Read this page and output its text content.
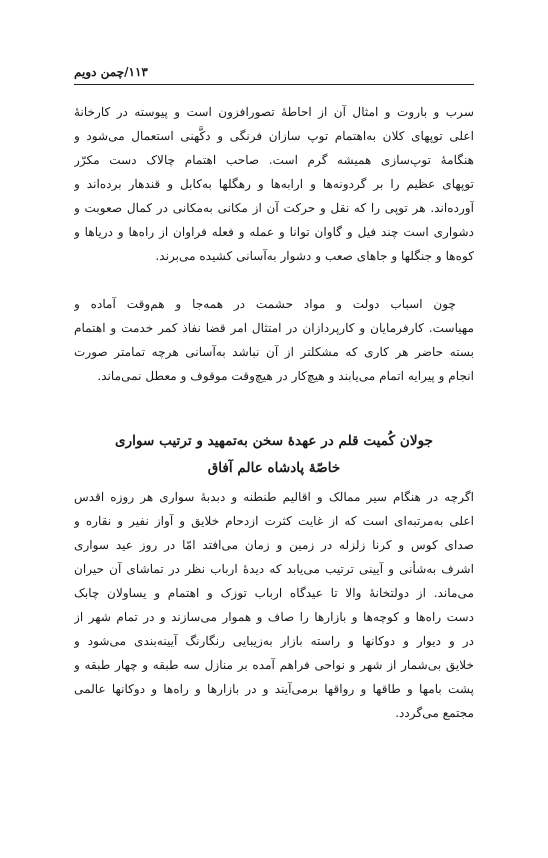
۱۱۳/چمن دویم
سرب و باروت و امثال آن از احاطهٔ تصورافزون است و پیوسته در کارخانهٔ
اعلی توپهای کلان به‌اهتمام توپ سازان فرنگی و دکَّهنی استعمال می‌شود و
هنگامهٔ توپ‌سازی همیشه گرم است. صاحب اهتمام چالاک دست مکرّر
توپهای عظیم را بر گردونه‌ها و ارابه‌ها و رهگلها به‌کابل و قندهار برده‌اند و
آورده‌اند. هر توپی را که نقل و حرکت آن از مکانی به‌مکانی در کمال صعوبت و
دشواری است چند فیل و گاوان توانا و عمله و فعله فراوان از راه‌ها و دریاها و
کوه‌ها و جنگلها و جاهای صعب و دشوار به‌آسانی کشیده می‌برند.
چون اسباب دولت و مواد حشمت در همه‌جا و هم‌وقت آماده و
مهیاست. کارفرمایان و کارپردازان در امتثال امر قضا نفاذ کمر خدمت و اهتمام
بسته حاضر هر کاری که مشکلتر از آن نباشد به‌آسانی هرچه تمامتر صورت
انجام و پیرایه اتمام می‌یابند و هیچ‌کار در هیچ‌وقت موقوف و معطل نمی‌ماند.
جولان کُمیت قلم در عهدهٔ سخن به‌تمهید و ترتیب سواری
خاصّهٔ پادشاه عالم آفاق
اگرچه در هنگام سیر ممالک و اقالیم طنطنه و دبدبهٔ سواری هر روزه اقدس
اعلی به‌مرتبه‌ای است که از غایت کثرت ازدحام خلایق و آواز نفیر و نقاره و
صدای کوس و کرنا زلزله در زمین و زمان می‌افتد امّا در روز عید سواری
اشرف به‌شأنی و آیینی ترتیب می‌یابد که دیدهٔ ارباب نظر در تماشای آن حیران
می‌ماند. از دولتخانهٔ والا تا عیدگاه ارباب توزک و اهتمام و یساولان چابک
دست راه‌ها و کوچه‌ها و بازارها را صاف و هموار می‌سازند و در تمام شهر از
در و دیوار و دوکانها و راسته بازار به‌زیبایی رنگارنگ آیینه‌بندی می‌شود و
خلایق بی‌شمار از شهر و نواحی فراهم آمده بر منازل سه طبقه و چهار طبقه و
پشت بامها و طاقها و رواقها برمی‌آیند و در بازارها و راه‌ها و دوکانها عالمی
مجتمع می‌گردد.
